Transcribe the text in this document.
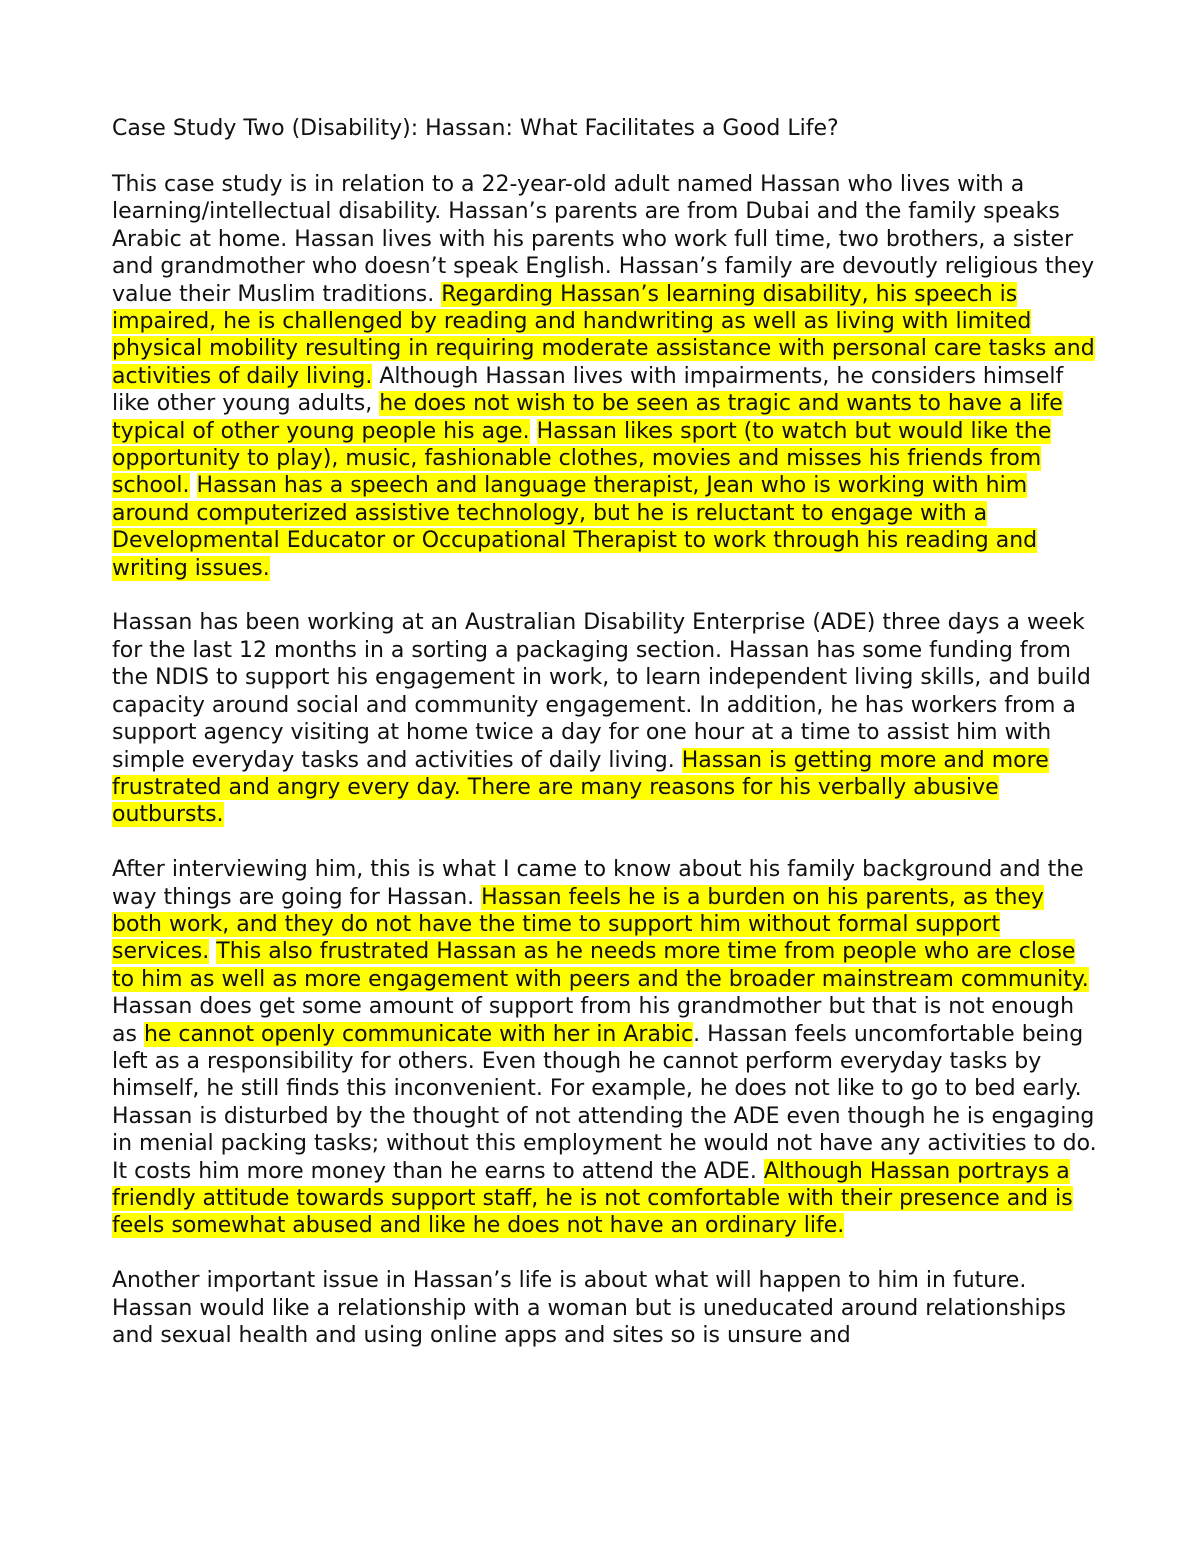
Case Study Two (Disability): Hassan: What Facilitates a Good Life?

This case study is in relation to a 22-year-old adult named Hassan who lives with a learning/intellectual disability. Hassan’s parents are from Dubai and the family speaks Arabic at home. Hassan lives with his parents who work full time, two brothers, a sister and grandmother who doesn’t speak English. Hassan’s family are devoutly religious they value their Muslim traditions. Regarding Hassan’s learning disability, his speech is impaired, he is challenged by reading and handwriting as well as living with limited physical mobility resulting in requiring moderate assistance with personal care tasks and activities of daily living. Although Hassan lives with impairments, he considers himself like other young adults, he does not wish to be seen as tragic and wants to have a life typical of other young people his age. Hassan likes sport (to watch but would like the opportunity to play), music, fashionable clothes, movies and misses his friends from school. Hassan has a speech and language therapist, Jean who is working with him around computerized assistive technology, but he is reluctant to engage with a Developmental Educator or Occupational Therapist to work through his reading and writing issues.

Hassan has been working at an Australian Disability Enterprise (ADE) three days a week for the last 12 months in a sorting a packaging section. Hassan has some funding from the NDIS to support his engagement in work, to learn independent living skills, and build capacity around social and community engagement. In addition, he has workers from a support agency visiting at home twice a day for one hour at a time to assist him with simple everyday tasks and activities of daily living. Hassan is getting more and more frustrated and angry every day. There are many reasons for his verbally abusive outbursts.

After interviewing him, this is what I came to know about his family background and the way things are going for Hassan. Hassan feels he is a burden on his parents, as they both work, and they do not have the time to support him without formal support services. This also frustrated Hassan as he needs more time from people who are close to him as well as more engagement with peers and the broader mainstream community. Hassan does get some amount of support from his grandmother but that is not enough as he cannot openly communicate with her in Arabic. Hassan feels uncomfortable being left as a responsibility for others. Even though he cannot perform everyday tasks by himself, he still finds this inconvenient. For example, he does not like to go to bed early. Hassan is disturbed by the thought of not attending the ADE even though he is engaging in menial packing tasks; without this employment he would not have any activities to do. It costs him more money than he earns to attend the ADE. Although Hassan portrays a friendly attitude towards support staff, he is not comfortable with their presence and is feels somewhat abused and like he does not have an ordinary life.

Another important issue in Hassan’s life is about what will happen to him in future. Hassan would like a relationship with a woman but is uneducated around relationships and sexual health and using online apps and sites so is unsure and
